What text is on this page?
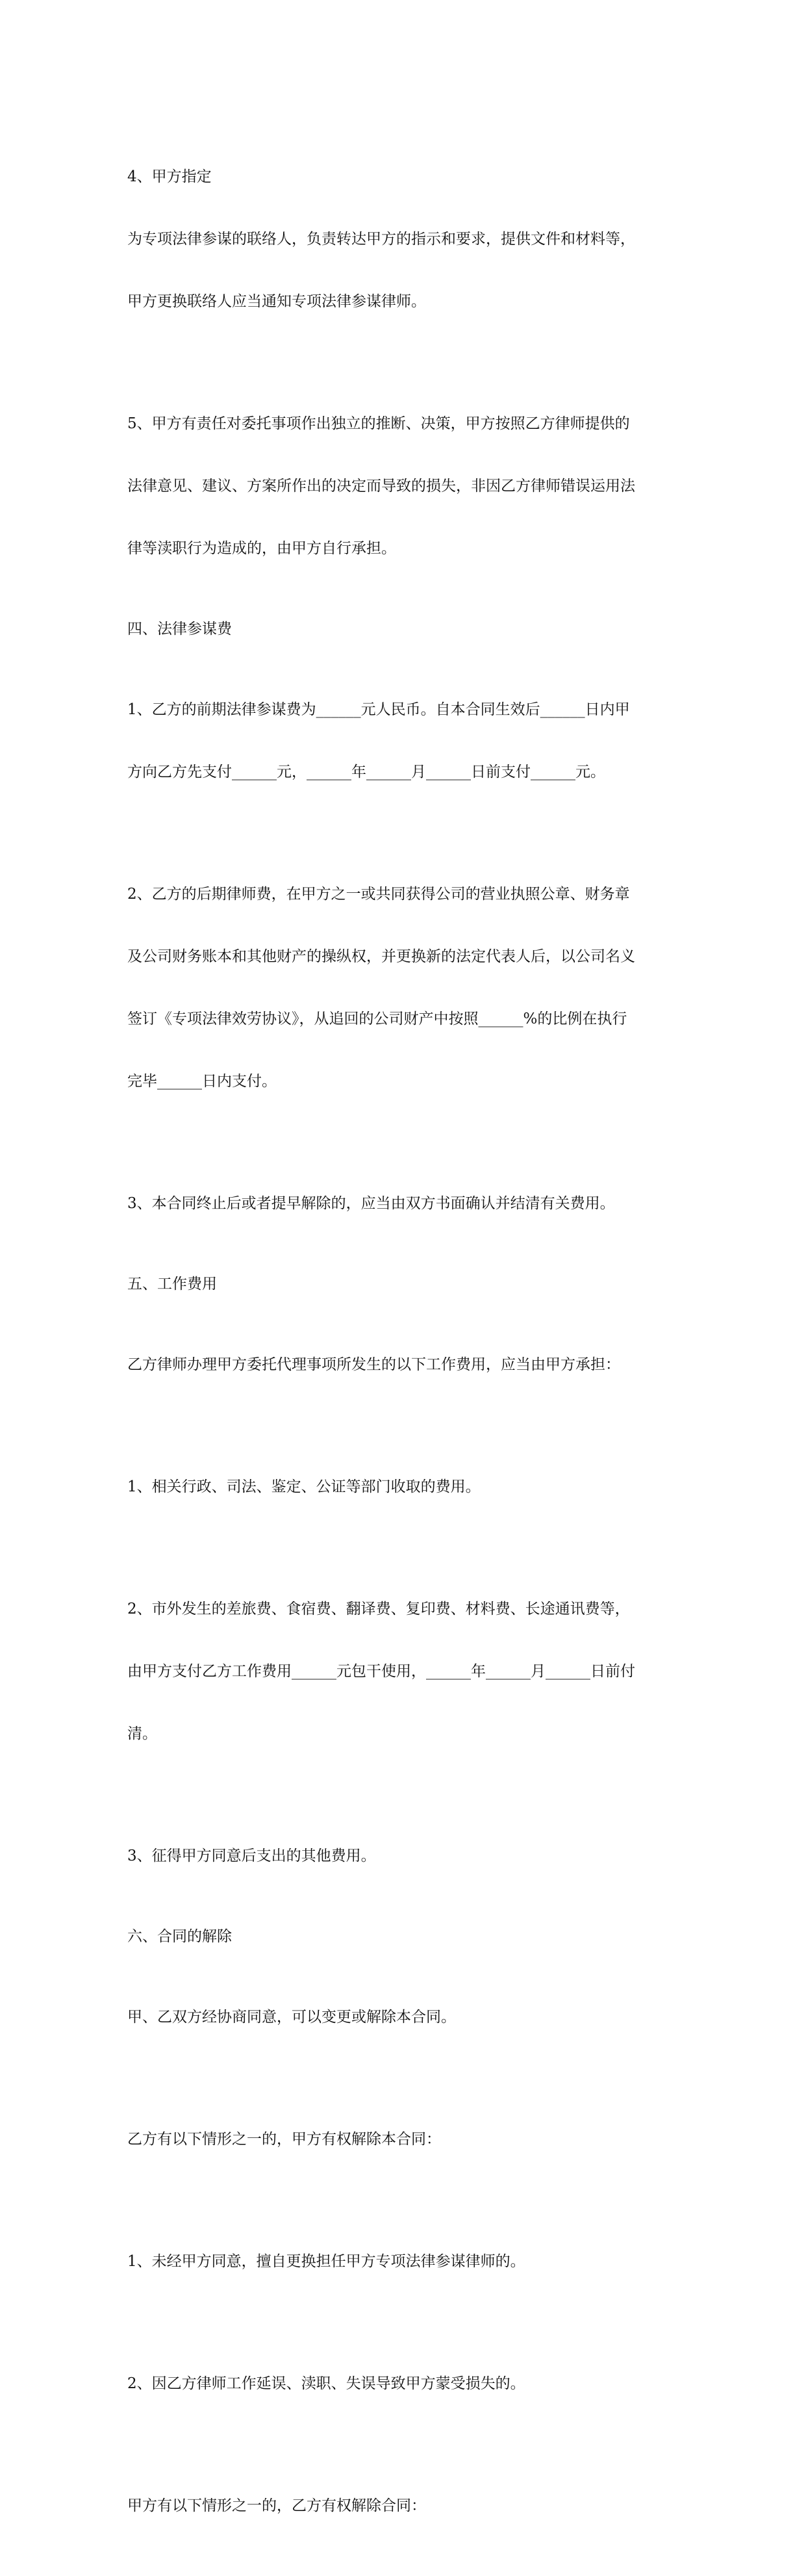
4、甲方指定

为专项法律参谋的联络人，负责转达甲方的指示和要求，提供文件和材料等，

甲方更换联络人应当通知专项法律参谋律师。

5、甲方有责任对委托事项作出独立的推断、决策，甲方按照乙方律师提供的

法律意见、建议、方案所作出的决定而导致的损失，非因乙方律师错误运用法

律等渎职行为造成的，由甲方自行承担。

四、法律参谋费

1、乙方的前期法律参谋费为______元人民币。自本合同生效后______日内甲

方向乙方先支付______元，______年______月______日前支付______元。

2、乙方的后期律师费，在甲方之一或共同获得公司的营业执照公章、财务章

及公司财务账本和其他财产的操纵权，并更换新的法定代表人后，以公司名义

签订《专项法律效劳协议》，从追回的公司财产中按照______%的比例在执行

完毕______日内支付。

3、本合同终止后或者提早解除的，应当由双方书面确认并结清有关费用。

五、工作费用

乙方律师办理甲方委托代理事项所发生的以下工作费用，应当由甲方承担：

1、相关行政、司法、鉴定、公证等部门收取的费用。

2、市外发生的差旅费、食宿费、翻译费、复印费、材料费、长途通讯费等，

由甲方支付乙方工作费用______元包干使用，______年______月______日前付

清。

3、征得甲方同意后支出的其他费用。

六、合同的解除

甲、乙双方经协商同意，可以变更或解除本合同。

乙方有以下情形之一的，甲方有权解除本合同：

1、未经甲方同意，擅自更换担任甲方专项法律参谋律师的。

2、因乙方律师工作延误、渎职、失误导致甲方蒙受损失的。

甲方有以下情形之一的，乙方有权解除合同：
